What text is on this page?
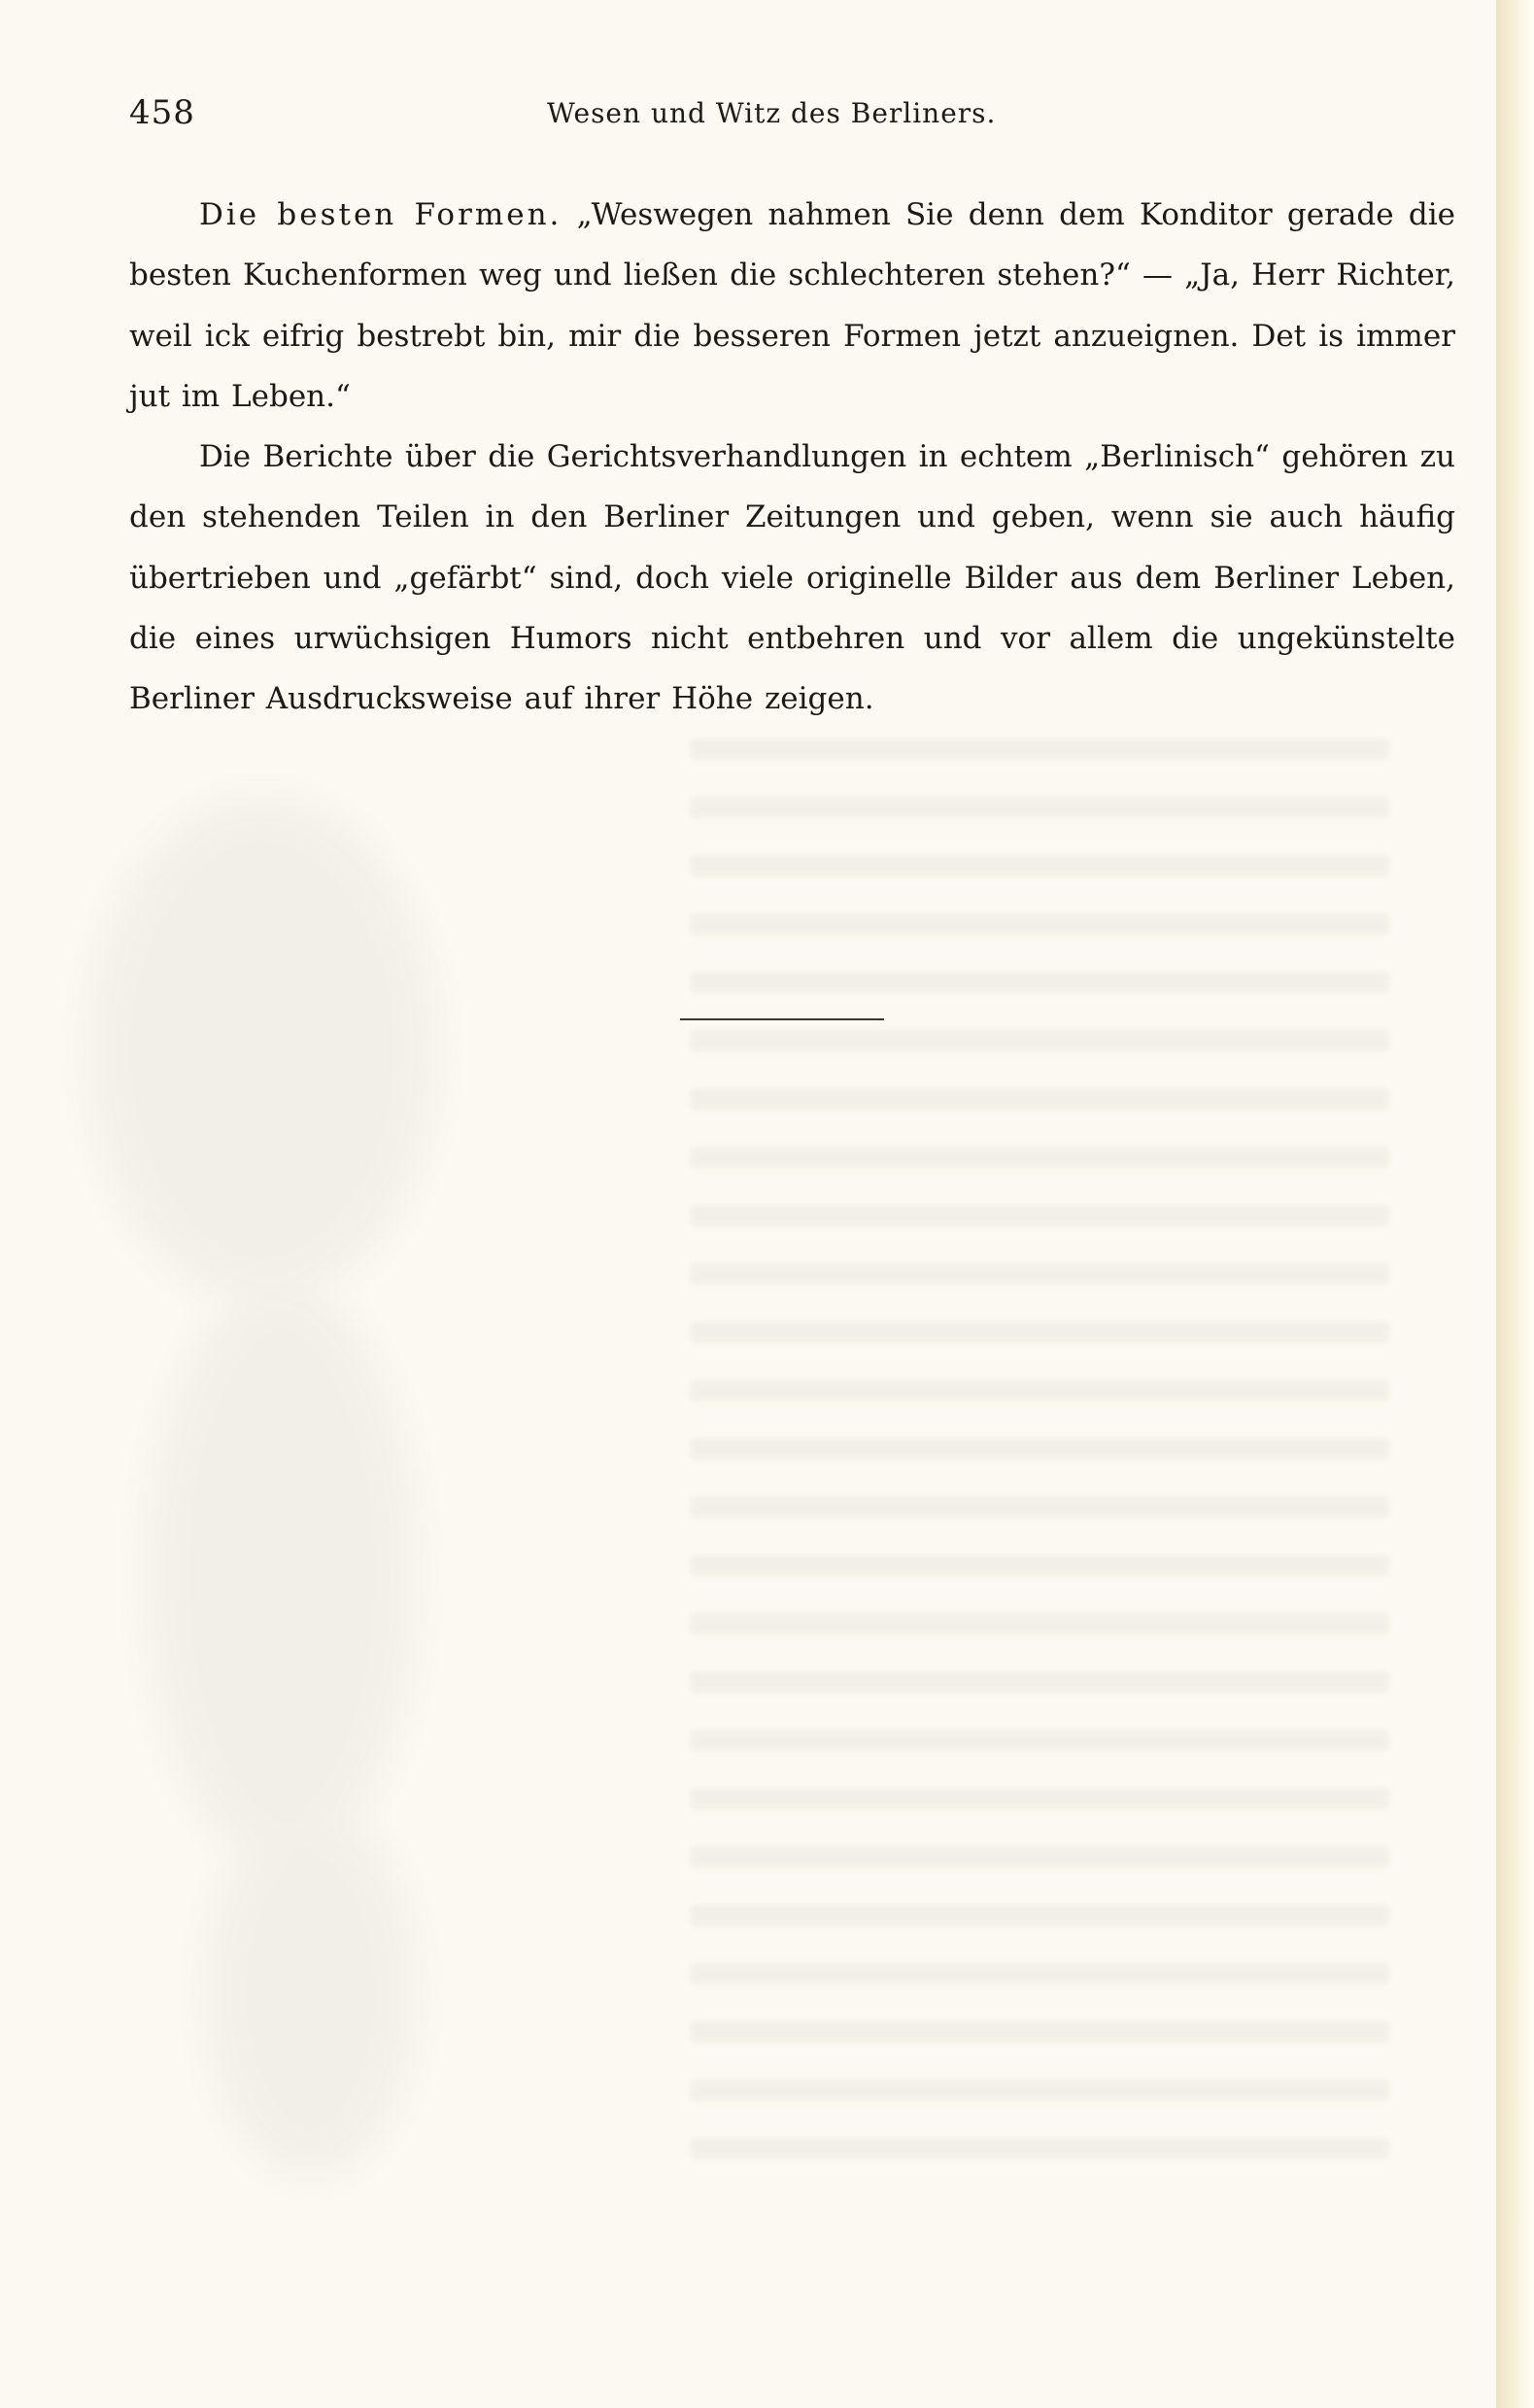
458	Wesen und Witz des Berliners.

Die besten Formen. „Weswegen nahmen Sie denn dem Konditor gerade die besten Kuchenformen weg und ließen die schlechteren stehen?“ — „Ja, Herr Richter, weil ick eifrig bestrebt bin, mir die besseren Formen jetzt anzueignen. Det is immer jut im Leben.“

Die Berichte über die Gerichtsverhandlungen in echtem „Berlinisch“ gehören zu den stehenden Teilen in den Berliner Zeitungen und geben, wenn sie auch häufig übertrieben und „gefärbt“ sind, doch viele originelle Bilder aus dem Berliner Leben, die eines urwüchsigen Humors nicht entbehren und vor allem die ungekünstelte Berliner Ausdrucksweise auf ihrer Höhe zeigen.
